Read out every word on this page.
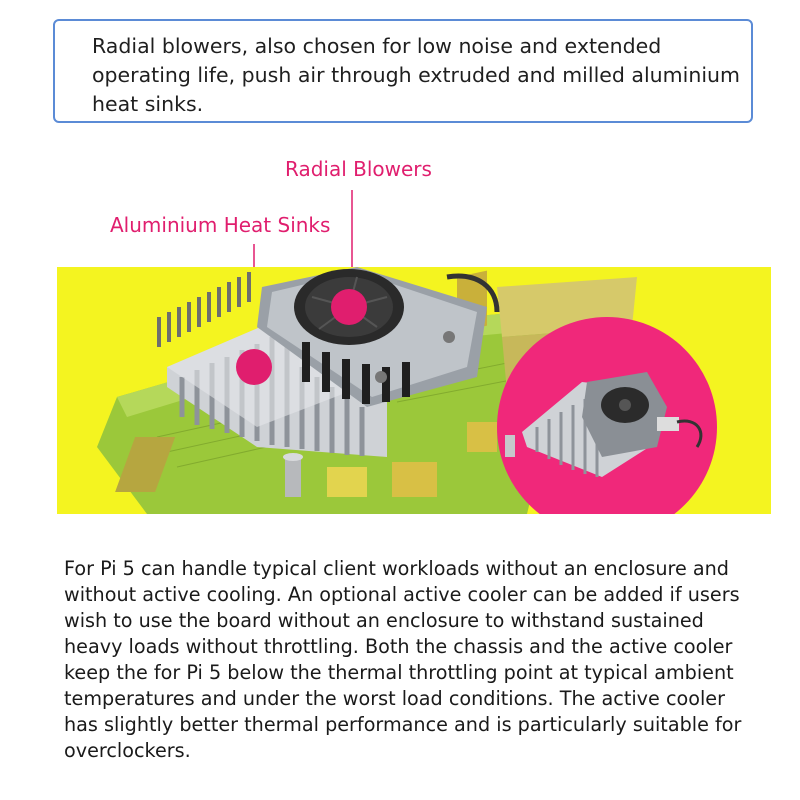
Radial blowers, also chosen for low noise and extended operating life, push air through extruded and milled aluminium heat sinks.

Radial Blowers
Aluminium Heat Sinks

For Pi 5 can handle typical client workloads without an enclosure and without active cooling. An optional active cooler can be added if users wish to use the board without an enclosure to withstand sustained heavy loads without throttling. Both the chassis and the active cooler keep the for Pi 5 below the thermal throttling point at typical ambient temperatures and under the worst load conditions. The active cooler has slightly better thermal performance and is particularly suitable for overclockers.
